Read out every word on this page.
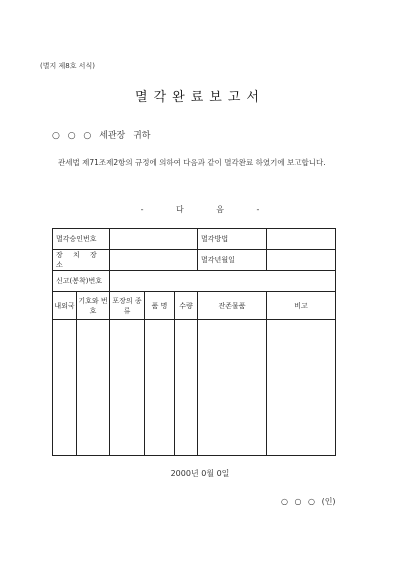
(별지 제8호 서식)
멸각완료보고서
○ ○ ○ 세관장 귀하
관세법 제71조제2항의 규정에 의하여 다음과 같이 멸각완료 하였기에 보고합니다.
- 다 음 -
멸각승인번호					멸각방법	
장 치 장 소					멸각년월일	
신고(봉착)번호						
내외국	기호와 번호	포장의 종류	품 명	수량	잔존물품	비고

2000년 0월 0일
○ ○ ○ (인)
